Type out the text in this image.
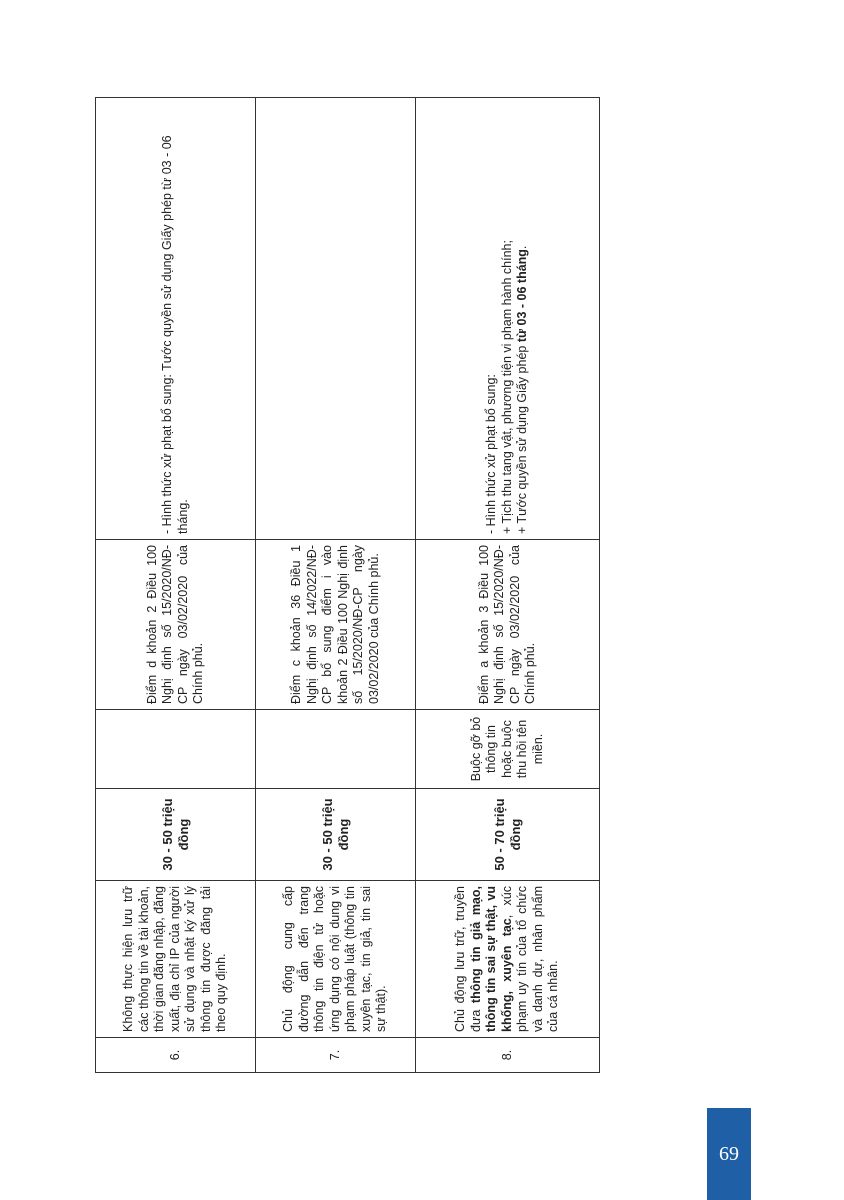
6.	Không thực hiện lưu trữ các thông tin về tài khoản, thời gian đăng nhập, đăng xuất, địa chỉ IP của người sử dụng và nhật ký xử lý thông tin được đăng tải theo quy định.	30 - 50 triệu đồng		Điểm d khoản 2 Điều 100 Nghị định số 15/2020/NĐ-CP ngày 03/02/2020 của Chính phủ.	- Hình thức xử phạt bổ sung: Tước quyền sử dụng Giấy phép từ 03 - 06 tháng.
7.	Chủ động cung cấp đường dẫn đến trang thông tin điện tử hoặc ứng dụng có nội dung vi phạm pháp luật (thông tin xuyên tạc, tin giả, tin sai sự thật).	30 - 50 triệu đồng		Điểm c khoản 36 Điều 1 Nghị định số 14/2022/NĐ-CP bổ sung điểm i vào khoản 2 Điều 100 Nghị định số 15/2020/NĐ-CP ngày 03/02/2020 của Chính phủ.	
8.	Chủ động lưu trữ, truyền đưa thông tin giả mạo, thông tin sai sự thật, vu khống, xuyên tạc, xúc phạm uy tín của tổ chức và danh dự, nhân phẩm của cá nhân.	50 - 70 triệu đồng	Buộc gỡ bỏ thông tin hoặc buộc thu hồi tên miền.	Điểm a khoản 3 Điều 100 Nghị định số 15/2020/NĐ-CP ngày 03/02/2020 của Chính phủ.	- Hình thức xử phạt bổ sung: + Tịch thu tang vật, phương tiện vi phạm hành chính; + Tước quyền sử dụng Giấy phép từ 03 - 06 tháng.
69
